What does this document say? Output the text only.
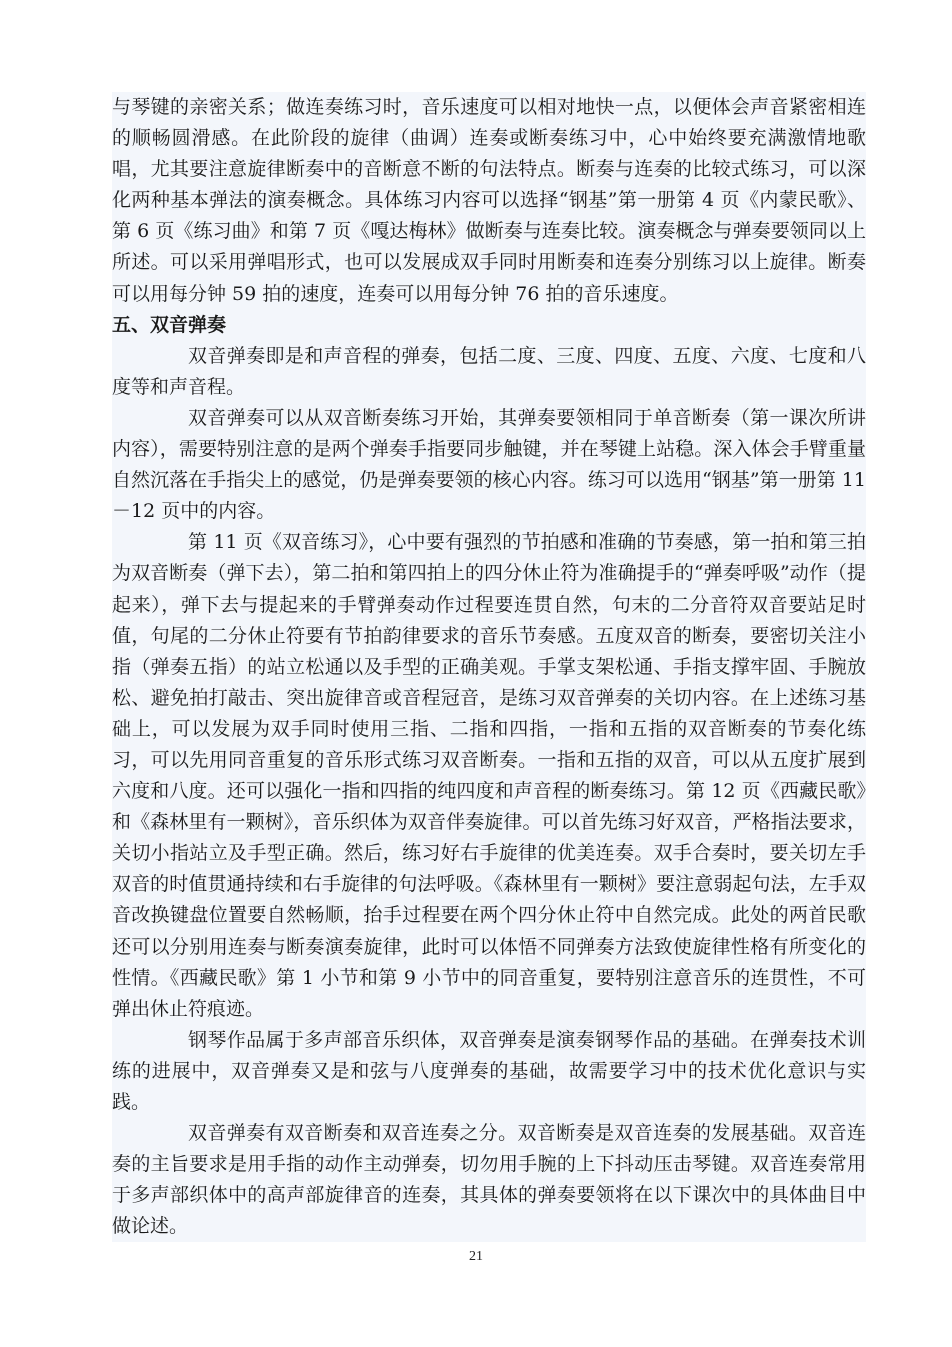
与琴键的亲密关系；做连奏练习时，音乐速度可以相对地快一点，以便体会声音紧密相连的顺畅圆滑感。在此阶段的旋律（曲调）连奏或断奏练习中，心中始终要充满激情地歌唱，尤其要注意旋律断奏中的音断意不断的句法特点。断奏与连奏的比较式练习，可以深化两种基本弹法的演奏概念。具体练习内容可以选择“钢基”第一册第 4 页《内蒙民歌》、第 6 页《练习曲》和第 7 页《嘎达梅林》做断奏与连奏比较。演奏概念与弹奏要领同以上所述。可以采用弹唱形式，也可以发展成双手同时用断奏和连奏分别练习以上旋律。断奏可以用每分钟 59 拍的速度，连奏可以用每分钟 76 拍的音乐速度。

五、双音弹奏

双音弹奏即是和声音程的弹奏，包括二度、三度、四度、五度、六度、七度和八度等和声音程。

双音弹奏可以从双音断奏练习开始，其弹奏要领相同于单音断奏（第一课次所讲内容），需要特别注意的是两个弹奏手指要同步触键，并在琴键上站稳。深入体会手臂重量自然沉落在手指尖上的感觉，仍是弹奏要领的核心内容。练习可以选用“钢基”第一册第 11－12 页中的内容。

第 11 页《双音练习》，心中要有强烈的节拍感和准确的节奏感，第一拍和第三拍为双音断奏（弹下去），第二拍和第四拍上的四分休止符为准确提手的“弹奏呼吸”动作（提起来），弹下去与提起来的手臂弹奏动作过程要连贯自然，句末的二分音符双音要站足时值，句尾的二分休止符要有节拍韵律要求的音乐节奏感。五度双音的断奏，要密切关注小指（弹奏五指）的站立松通以及手型的正确美观。手掌支架松通、手指支撑牢固、手腕放松、避免拍打敲击、突出旋律音或音程冠音，是练习双音弹奏的关切内容。在上述练习基础上，可以发展为双手同时使用三指、二指和四指，一指和五指的双音断奏的节奏化练习，可以先用同音重复的音乐形式练习双音断奏。一指和五指的双音，可以从五度扩展到六度和八度。还可以强化一指和四指的纯四度和声音程的断奏练习。第 12 页《西藏民歌》和《森林里有一颗树》，音乐织体为双音伴奏旋律。可以首先练习好双音，严格指法要求，关切小指站立及手型正确。然后，练习好右手旋律的优美连奏。双手合奏时，要关切左手双音的时值贯通持续和右手旋律的句法呼吸。《森林里有一颗树》要注意弱起句法，左手双音改换键盘位置要自然畅顺，抬手过程要在两个四分休止符中自然完成。此处的两首民歌还可以分别用连奏与断奏演奏旋律，此时可以体悟不同弹奏方法致使旋律性格有所变化的性情。《西藏民歌》第 1 小节和第 9 小节中的同音重复，要特别注意音乐的连贯性，不可弹出休止符痕迹。

钢琴作品属于多声部音乐织体，双音弹奏是演奏钢琴作品的基础。在弹奏技术训练的进展中，双音弹奏又是和弦与八度弹奏的基础，故需要学习中的技术优化意识与实践。

双音弹奏有双音断奏和双音连奏之分。双音断奏是双音连奏的发展基础。双音连奏的主旨要求是用手指的动作主动弹奏，切勿用手腕的上下抖动压击琴键。双音连奏常用于多声部织体中的高声部旋律音的连奏，其具体的弹奏要领将在以下课次中的具体曲目中做论述。

21
